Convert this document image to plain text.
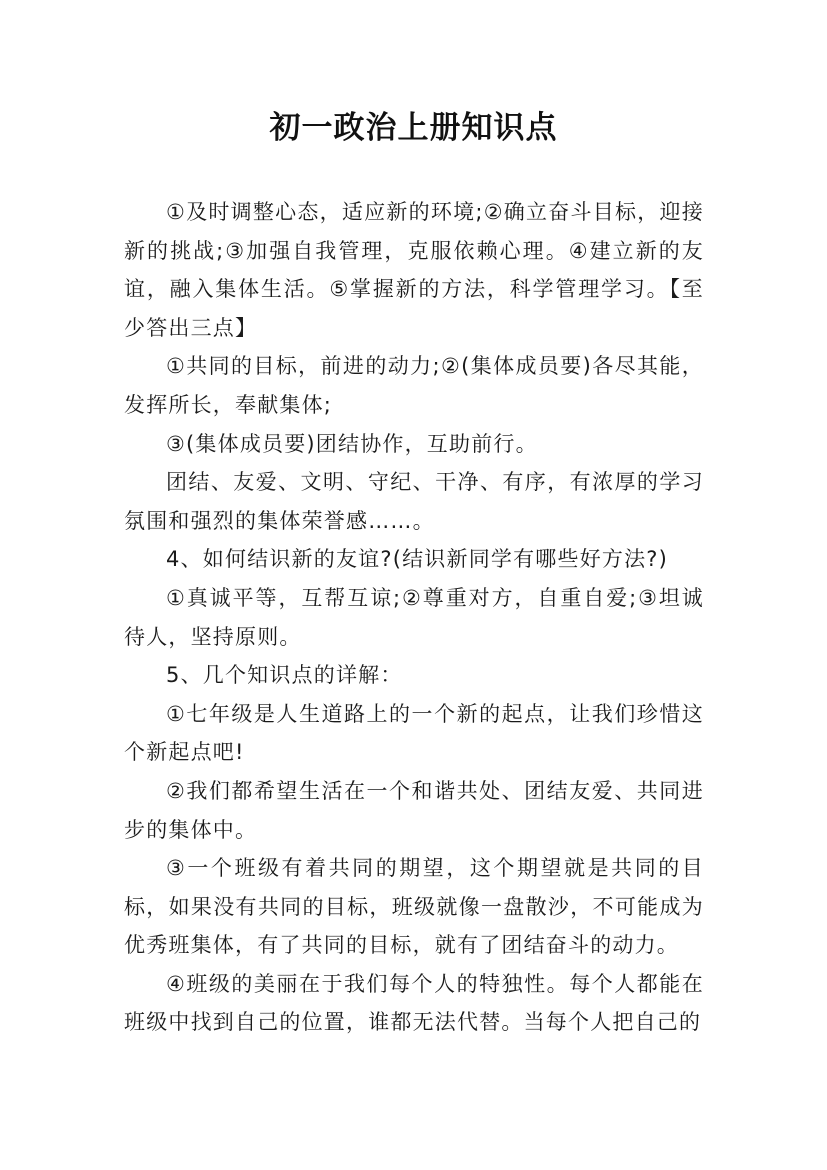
初一政治上册知识点

①及时调整心态，适应新的环境;②确立奋斗目标，迎接新的挑战;③加强自我管理，克服依赖心理。④建立新的友谊，融入集体生活。⑤掌握新的方法，科学管理学习。【至少答出三点】

①共同的目标，前进的动力;②(集体成员要)各尽其能，发挥所长，奉献集体;

③(集体成员要)团结协作，互助前行。

团结、友爱、文明、守纪、干净、有序，有浓厚的学习氛围和强烈的集体荣誉感……。

4、如何结识新的友谊?(结识新同学有哪些好方法?)

①真诚平等，互帮互谅;②尊重对方，自重自爱;③坦诚待人，坚持原则。

5、几个知识点的详解：

①七年级是人生道路上的一个新的起点，让我们珍惜这个新起点吧!

②我们都希望生活在一个和谐共处、团结友爱、共同进步的集体中。

③一个班级有着共同的期望，这个期望就是共同的目标，如果没有共同的目标，班级就像一盘散沙，不可能成为优秀班集体，有了共同的目标，就有了团结奋斗的动力。

④班级的美丽在于我们每个人的特独性。每个人都能在班级中找到自己的位置，谁都无法代替。当每个人把自己的
